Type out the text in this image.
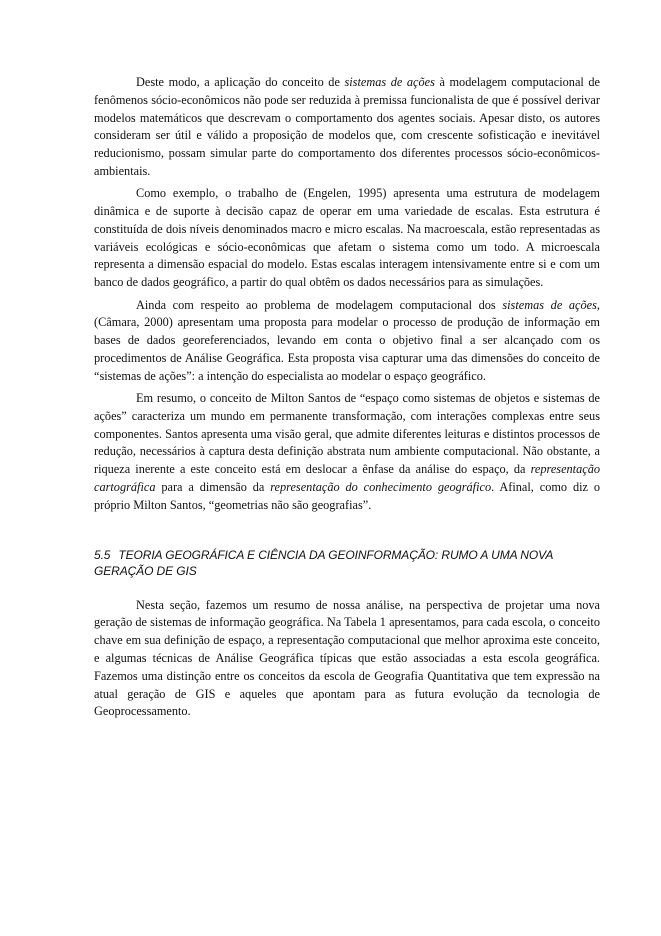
Deste modo, a aplicação do conceito de sistemas de ações à modelagem computacional de fenômenos sócio-econômicos não pode ser reduzida à premissa funcionalista de que é possível derivar modelos matemáticos que descrevam o comportamento dos agentes sociais. Apesar disto, os autores consideram ser útil e válido a proposição de modelos que, com crescente sofisticação e inevitável reducionismo, possam simular parte do comportamento dos diferentes processos sócio-econômicos-ambientais.

Como exemplo, o trabalho de (Engelen, 1995) apresenta uma estrutura de modelagem dinâmica e de suporte à decisão capaz de operar em uma variedade de escalas. Esta estrutura é constituída de dois níveis denominados macro e micro escalas. Na macroescala, estão representadas as variáveis ecológicas e sócio-econômicas que afetam o sistema como um todo. A microescala representa a dimensão espacial do modelo. Estas escalas interagem intensivamente entre si e com um banco de dados geográfico, a partir do qual obtêm os dados necessários para as simulações.

Ainda com respeito ao problema de modelagem computacional dos sistemas de ações, (Câmara, 2000) apresentam uma proposta para modelar o processo de produção de informação em bases de dados georeferenciados, levando em conta o objetivo final a ser alcançado com os procedimentos de Análise Geográfica. Esta proposta visa capturar uma das dimensões do conceito de “sistemas de ações”: a intenção do especialista ao modelar o espaço geográfico.

Em resumo, o conceito de Milton Santos de “espaço como sistemas de objetos e sistemas de ações” caracteriza um mundo em permanente transformação, com interações complexas entre seus componentes. Santos apresenta uma visão geral, que admite diferentes leituras e distintos processos de redução, necessários à captura desta definição abstrata num ambiente computacional. Não obstante, a riqueza inerente a este conceito está em deslocar a ênfase da análise do espaço, da representação cartográfica para a dimensão da representação do conhecimento geográfico. Afinal, como diz o próprio Milton Santos, “geometrias não são geografias”.

5.5 TEORIA GEOGRÁFICA E CIÊNCIA DA GEOINFORMAÇÃO: RUMO A UMA NOVA GERAÇÃO DE GIS

Nesta seção, fazemos um resumo de nossa análise, na perspectiva de projetar uma nova geração de sistemas de informação geográfica. Na Tabela 1 apresentamos, para cada escola, o conceito chave em sua definição de espaço, a representação computacional que melhor aproxima este conceito, e algumas técnicas de Análise Geográfica típicas que estão associadas a esta escola geográfica. Fazemos uma distinção entre os conceitos da escola de Geografia Quantitativa que tem expressão na atual geração de GIS e aqueles que apontam para as futura evolução da tecnologia de Geoprocessamento.
